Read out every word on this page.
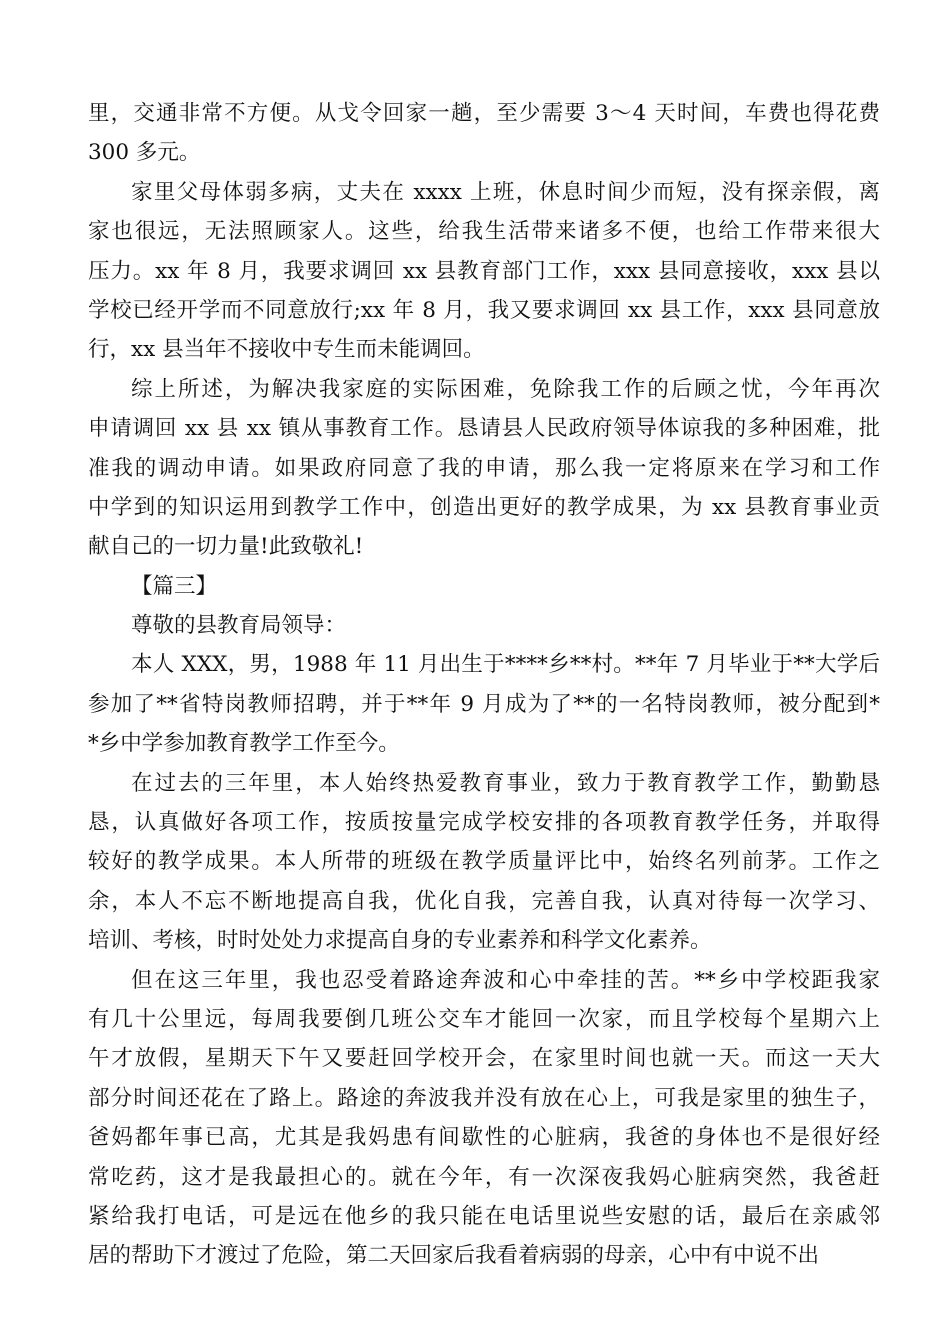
里，交通非常不方便。从戈令回家一趟，至少需要 3～4 天时间，车费也得花费
300 多元。
家里父母体弱多病，丈夫在 xxxx 上班，休息时间少而短，没有探亲假，离
家也很远，无法照顾家人。这些，给我生活带来诸多不便，也给工作带来很大
压力。xx 年 8 月，我要求调回 xx 县教育部门工作，xxx 县同意接收，xxx 县以
学校已经开学而不同意放行;xx 年 8 月，我又要求调回 xx 县工作，xxx 县同意放
行，xx 县当年不接收中专生而未能调回。
综上所述，为解决我家庭的实际困难，免除我工作的后顾之忧，今年再次
申请调回 xx 县 xx 镇从事教育工作。恳请县人民政府领导体谅我的多种困难，批
准我的调动申请。如果政府同意了我的申请，那么我一定将原来在学习和工作
中学到的知识运用到教学工作中，创造出更好的教学成果，为 xx 县教育事业贡
献自己的一切力量!此致敬礼!
【篇三】
尊敬的县教育局领导：
本人 XXX，男，1988 年 11 月出生于****乡**村。**年 7 月毕业于**大学后
参加了**省特岗教师招聘，并于**年 9 月成为了**的一名特岗教师，被分配到*
*乡中学参加教育教学工作至今。
在过去的三年里，本人始终热爱教育事业，致力于教育教学工作，勤勤恳
恳，认真做好各项工作，按质按量完成学校安排的各项教育教学任务，并取得
较好的教学成果。本人所带的班级在教学质量评比中，始终名列前茅。工作之
余，本人不忘不断地提高自我，优化自我，完善自我，认真对待每一次学习、
培训、考核，时时处处力求提高自身的专业素养和科学文化素养。
但在这三年里，我也忍受着路途奔波和心中牵挂的苦。**乡中学校距我家
有几十公里远，每周我要倒几班公交车才能回一次家，而且学校每个星期六上
午才放假，星期天下午又要赶回学校开会，在家里时间也就一天。而这一天大
部分时间还花在了路上。路途的奔波我并没有放在心上，可我是家里的独生子，
爸妈都年事已高，尤其是我妈患有间歇性的心脏病，我爸的身体也不是很好经
常吃药，这才是我最担心的。就在今年，有一次深夜我妈心脏病突然，我爸赶
紧给我打电话，可是远在他乡的我只能在电话里说些安慰的话，最后在亲戚邻
居的帮助下才渡过了危险，第二天回家后我看着病弱的母亲，心中有中说不出
